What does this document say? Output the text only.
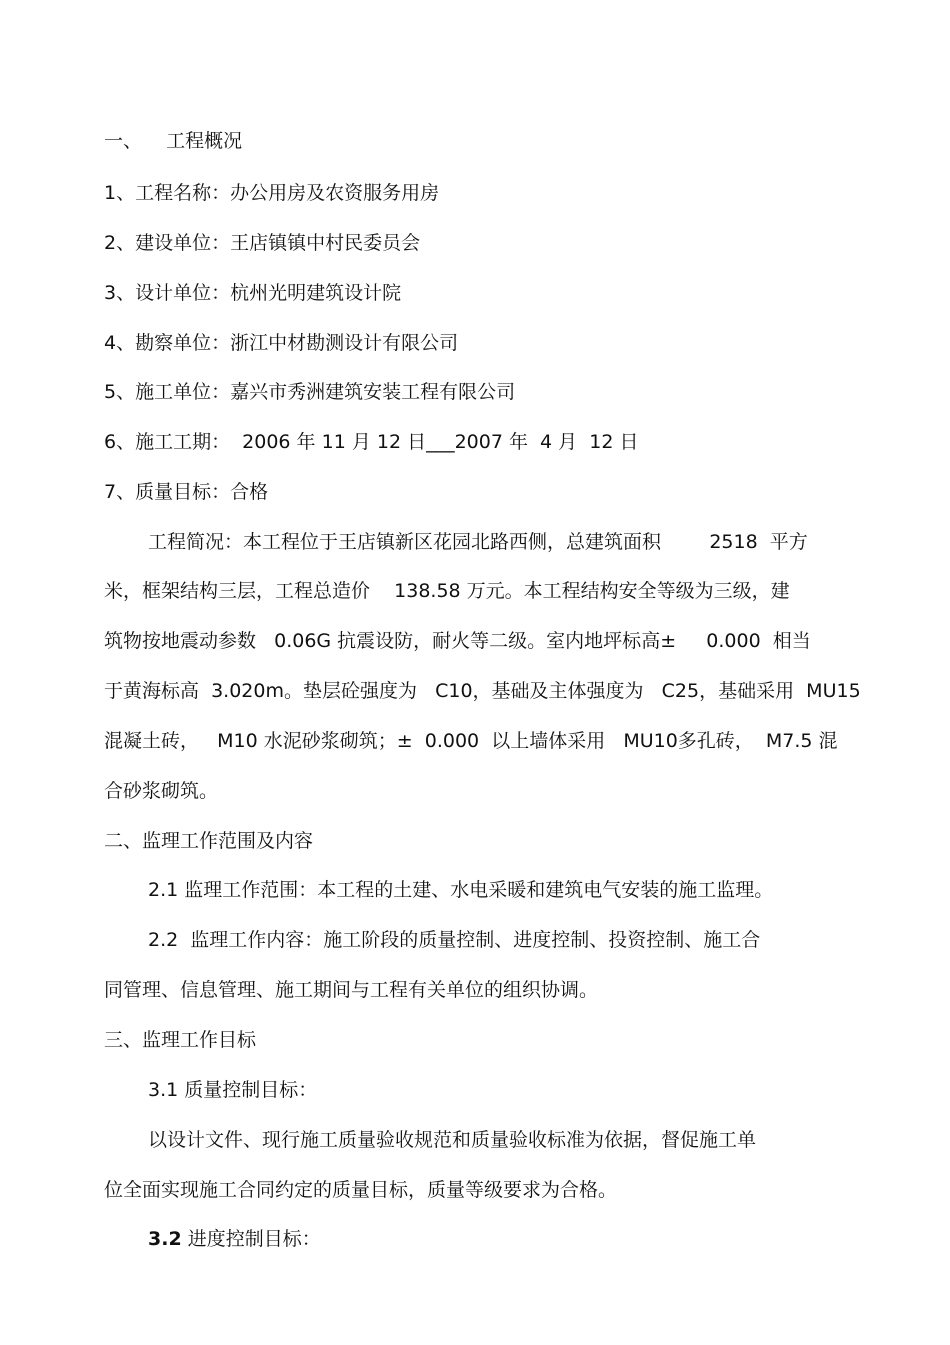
一、    工程概况
1、工程名称：办公用房及农资服务用房
2、建设单位：王店镇镇中村民委员会
3、设计单位：杭州光明建筑设计院
4、勘察单位：浙江中材勘测设计有限公司
5、施工单位：嘉兴市秀洲建筑安装工程有限公司
6、施工工期：  2006 年 11 月 12 日___2007 年  4 月  12 日
7、质量目标：合格
工程简况：本工程位于王店镇新区花园北路西侧，总建筑面积        2518  平方
米，框架结构三层，工程总造价    138.58 万元。本工程结构安全等级为三级，建
筑物按地震动参数   0.06G 抗震设防，耐火等二级。室内地坪标高±     0.000  相当
于黄海标高  3.020m。垫层砼强度为   C10，基础及主体强度为   C25，基础采用  MU15
混凝土砖，   M10 水泥砂浆砌筑；±  0.000  以上墙体采用   MU10多孔砖，  M7.5 混
合砂浆砌筑。
二、监理工作范围及内容
2.1 监理工作范围：本工程的土建、水电采暖和建筑电气安装的施工监理。
2.2  监理工作内容：施工阶段的质量控制、进度控制、投资控制、施工合
同管理、信息管理、施工期间与工程有关单位的组织协调。
三、监理工作目标
3.1 质量控制目标：
以设计文件、现行施工质量验收规范和质量验收标准为依据，督促施工单
位全面实现施工合同约定的质量目标，质量等级要求为合格。
3.2 进度控制目标：
